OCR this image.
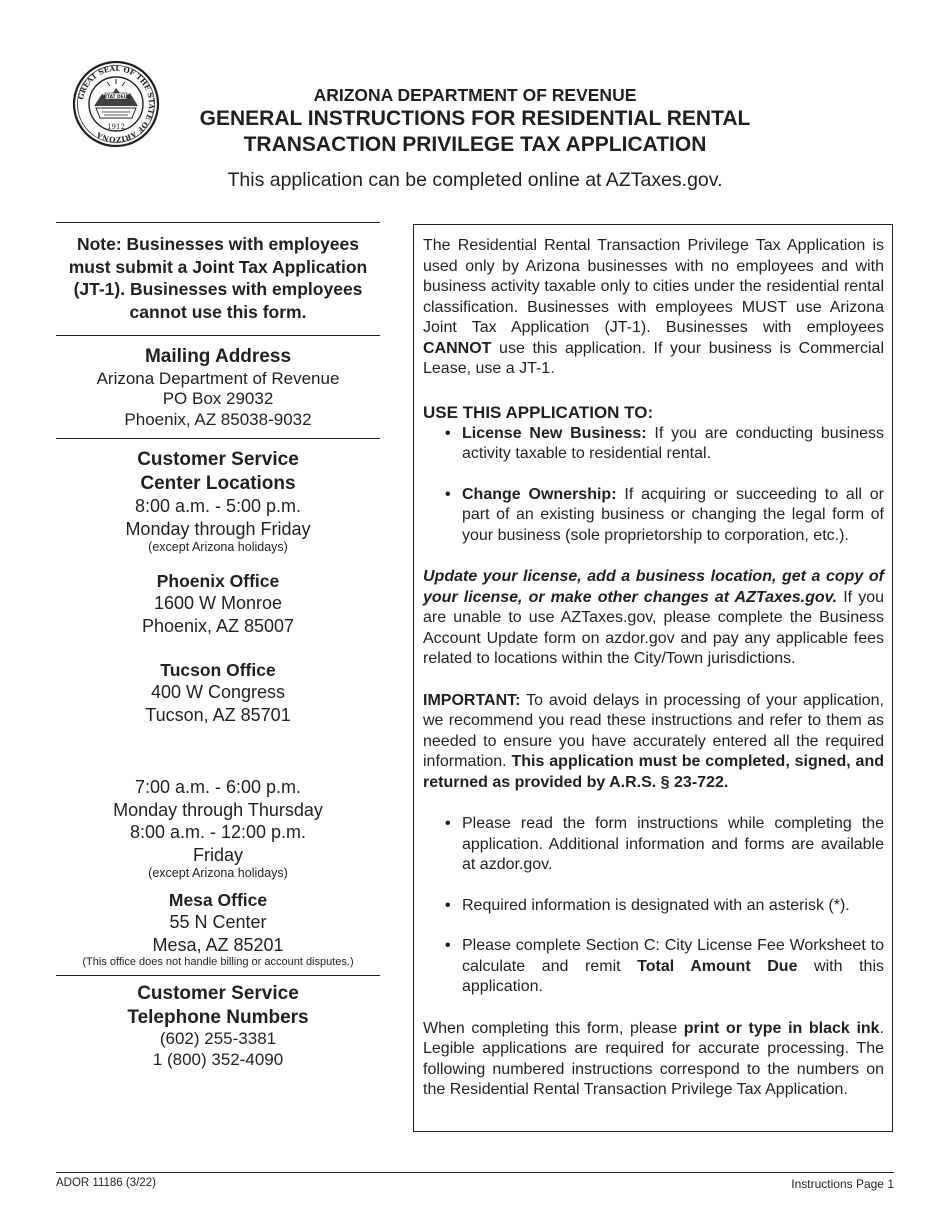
GREAT SEAL OF THE STATE OF ARIZONA
DITAT DEUS
1912
ARIZONA DEPARTMENT OF REVENUE
GENERAL INSTRUCTIONS FOR RESIDENTIAL RENTAL
TRANSACTION PRIVILEGE TAX APPLICATION
This application can be completed online at AZTaxes.gov.
Note: Businesses with employees must submit a Joint Tax Application (JT-1). Businesses with employees cannot use this form.
Mailing Address
Arizona Department of Revenue
PO Box 29032
Phoenix, AZ 85038-9032
Customer Service
Center Locations
8:00 a.m. - 5:00 p.m.
Monday through Friday
(except Arizona holidays)
Phoenix Office
1600 W Monroe
Phoenix, AZ 85007
Tucson Office
400 W Congress
Tucson, AZ 85701
7:00 a.m. - 6:00 p.m.
Monday through Thursday
8:00 a.m. - 12:00 p.m.
Friday
(except Arizona holidays)
Mesa Office
55 N Center
Mesa, AZ 85201
(This office does not handle billing or account disputes.)
Customer Service
Telephone Numbers
(602) 255-3381
1 (800) 352-4090

The Residential Rental Transaction Privilege Tax Application is used only by Arizona businesses with no employees and with business activity taxable only to cities under the residential rental classification. Businesses with employees MUST use Arizona Joint Tax Application (JT-1). Businesses with employees CANNOT use this application. If your business is Commercial Lease, use a JT-1.

USE THIS APPLICATION TO:
• License New Business: If you are conducting business activity taxable to residential rental.
• Change Ownership: If acquiring or succeeding to all or part of an existing business or changing the legal form of your business (sole proprietorship to corporation, etc.).

Update your license, add a business location, get a copy of your license, or make other changes at AZTaxes.gov. If you are unable to use AZTaxes.gov, please complete the Business Account Update form on azdor.gov and pay any applicable fees related to locations within the City/Town jurisdictions.

IMPORTANT: To avoid delays in processing of your application, we recommend you read these instructions and refer to them as needed to ensure you have accurately entered all the required information. This application must be completed, signed, and returned as provided by A.R.S. § 23-722.

• Please read the form instructions while completing the application. Additional information and forms are available at azdor.gov.
• Required information is designated with an asterisk (*).
• Please complete Section C: City License Fee Worksheet to calculate and remit Total Amount Due with this application.

When completing this form, please print or type in black ink. Legible applications are required for accurate processing. The following numbered instructions correspond to the numbers on the Residential Rental Transaction Privilege Tax Application.

ADOR 11186 (3/22)	Instructions Page 1
